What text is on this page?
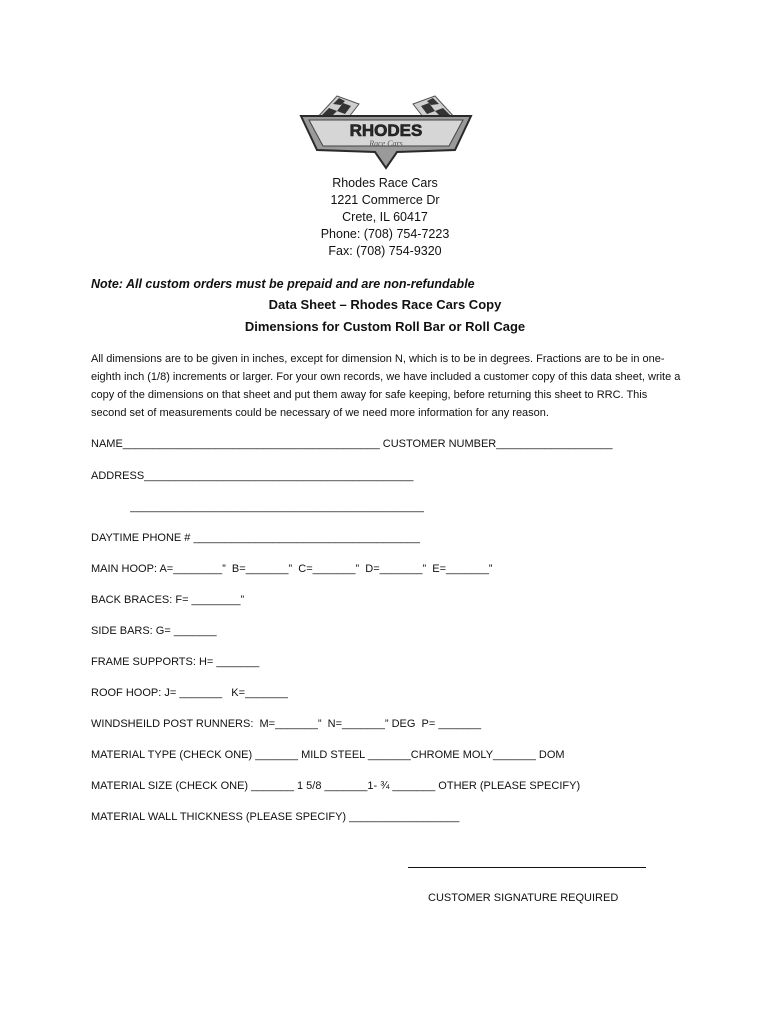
RHODES
Race Cars
Rhodes Race Cars
1221 Commerce Dr
Crete, IL 60417
Phone: (708) 754-7223
Fax: (708) 754-9320
Note: All custom orders must be prepaid and are non-refundable
Data Sheet – Rhodes Race Cars Copy
Dimensions for Custom Roll Bar or Roll Cage
All dimensions are to be given in inches, except for dimension N, which is to be in degrees. Fractions are to be in one-eighth inch (1/8) increments or larger. For your own records, we have included a customer copy of this data sheet, write a copy of the dimensions on that sheet and put them away for safe keeping, before returning this sheet to RRC. This second set of measurements could be necessary of we need more information for any reason.
NAME__________________________________________ CUSTOMER NUMBER___________________
ADDRESS____________________________________________
________________________________________________
DAYTIME PHONE # _____________________________________
MAIN HOOP: A=________”  B=_______”  C=_______”  D=_______”  E=_______”
BACK BRACES: F= ________”
SIDE BARS: G= _______
FRAME SUPPORTS: H= _______
ROOF HOOP: J= _______   K=_______
WINDSHEILD POST RUNNERS:  M=_______”  N=_______” DEG  P= _______
MATERIAL TYPE (CHECK ONE) _______ MILD STEEL _______CHROME MOLY_______ DOM
MATERIAL SIZE (CHECK ONE) _______ 1 5/8 _______1- ¾ _______ OTHER (PLEASE SPECIFY)
MATERIAL WALL THICKNESS (PLEASE SPECIFY) __________________
CUSTOMER SIGNATURE REQUIRED
